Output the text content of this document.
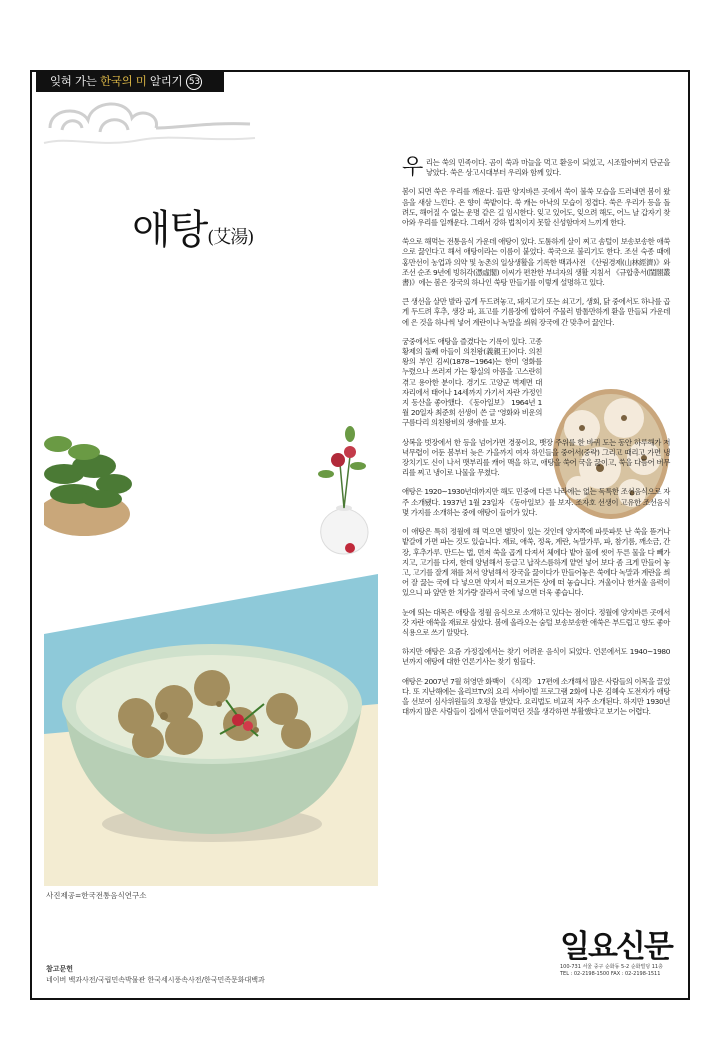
잊혀 가는 한국의 미 알리기 53
애탕(艾湯)
사진제공=한국전통음식연구소

우리는 쑥의 민족이다. 곰이 쑥과 마늘을 먹고 환응이 되었고, 시조할아버지 단군을 낳았다. 쑥은 상고시대부터 우리와 함께 있다.

봄이 되면 쑥은 우리를 깨운다. 들판 양지바른 곳에서 쑥이 불쑥 모습을 드러내면 봄이 왔음을 새삼 느낀다. 온 향이 쑥밭이다. 쑥 캐는 아낙의 모습이 정겹다. 쑥은 우리가 등을 돌려도, 해어질 수 없는 운명 같은 길 임시한다. 잊고 있어도, 잊으려 해도, 어느 날 갑자기 찾아와 우리를 일깨운다. 그래서 강하 법칙이지 못할 신성함마저 느끼게 한다.

쑥으로 해먹는 전통음식 가운데 애탕이 있다. 도톰하게 살이 찌고 솜털이 보송보송한 애쑥으로 끓인다고 해서 애탕이라는 이름이 붙었다. 쑥국으로 불리기도 한다. 조선 숙종 때에 홍만선이 농업과 의약 및 농촌의 일상생활을 기록한 백과사전 《산림경제(山林經濟)》와 조선 순조 9년에 빙허각(憑虛閣) 이씨가 편찬한 부녀자의 생활 지침서 《규합총서(閨閤叢書)》에는 봄은 장국의 하나인 쑥탕 만들기를 이렇게 설명하고 있다.

큰 생선을 살만 발라 곱게 두드려놓고, 돼지고기 또는 쇠고기, 생회, 닭 중에서도 하나를 곱게 두드려 후추, 생강 파, 표고를 기름장에 합하여 주물러 밤톨만하게 환을 만들되 가운데에 은 것을 하나씩 넣어 계란이나 녹말을 씌워 장국에 간 맞추어 끓인다.

궁중에서도 애탕을 즐겼다는 기록이 있다. 고종황제의 둘째 아들이 의친왕(義親王)이다. 의친왕의 부인 김씨(1878~1964)는 한미 영화를 누렸으나 쓰러져 가는 황실의 아픔을 고스란히 겪고 용아한 분이다. 경기도 고양군 벽제면 대자리에서 태어나 14세까지 가기서 자란 가정인지 동산을 좋아했다. 《동아일보》 1964년 1월 20일자 최준희 선생이 쓴 글 '영화와 비운의 구름다리 의친왕비의 생애'를 보자.

상복을 벗장에서 한 등을 넘어가면 경풍이요, 뱃장 주위를 한 바퀴 도는 동안 하루해가 저녁무렵이 어둔 봄부터 늦은 가을까지 여자 하인들을 중어서(중략) 그리고 때리고 가면 냉장치기도 신이 나서 맷부리를 캐어 맥을 하고, 애탕을 쑥어 국을 끓이고, 쑥을 다듬어 버무리를 찌고 냉이로 나물을 무쳤다.

애탕은 1920~1930년대까지만 해도 민중에 다른 나라에는 없는 독특한 조선음식으로 자주 소개됐다. 1937년 1월 23일자 《동아일보》를 보자. 조자호 선생이 고유한 조선음식 몇 가지를 소개하는 중에 애탕이 들어가 있다.

이 애탕은 특히 정월에 해 먹으면 별맛이 있는 것인데 양지쪽에 파릇파릇 난 쑥을 뜯거나 밭갈에 가면 파는 것도 있습니다. 재료, 애쑥, 정육, 계란, 녹말가루, 파, 참기름, 깨소금, 간장, 후추가루. 만드는 법, 먼저 쑥을 곱게 다져서 체에다 밭아 물에 씻어 두른 물을 다 빼가지고, 고기를 다져, 한데 양념해서 동글고 납작스름하게 얕연 넣어 보다 좀 크게 만들어 놓고, 고기를 잘게 채를 쳐서 양념해서 장국을 끓이다가 만들어놓은 쑥에다 녹말과 계란을 씌어 잘 끓는 국에 다 넣으면 약지서 떠오르거든 상에 떠 놓습니다. 겨울이나 한겨울 음력이 있으니 파 앞만 한 치가량 잘라서 국에 넣으면 더욱 좋습니다.

눈에 띄는 대목은 애탕을 정월 음식으로 소개하고 있다는 점이다. 정월에 양지바른 곳에서 갓 자란 애쑥을 재료로 삼았다. 봄에 올라오는 숨털 보송보송한 애쑥은 부드럽고 향도 좋아 식용으로 쓰기 알맞다.

하지만 애탕은 요즘 가정집에서는 찾기 어려운 음식이 되었다. 언론에서도 1940~1980년까지 애탕에 대한 언론기사는 찾기 힘들다.

애탕은 2007년 7월 허영만 화백이 《식객》 17편에 소개해서 많은 사람들의 이목을 끌었다. 또 지난해에는 올리브TV의 요리 서바이벌 프로그램 2화에 나온 김혜숙 도전자가 애탕을 선보여 심사위원들의 호평을 받았다. 요리법도 비교적 자주 소개된다. 하지만 1930년대까지 많은 사람들이 집에서 만들어먹던 것을 생각하면 부활했다고 보기는 어렵다.

참고문헌
네이버 백과사전/국립민속박물관 한국세시풍속사전/한국민족문화대백과
일요신문
100-731 서울 중구 순화동 5-2 순화빌딩 11층
TEL : 02-2198-1500 FAX : 02-2198-1511
